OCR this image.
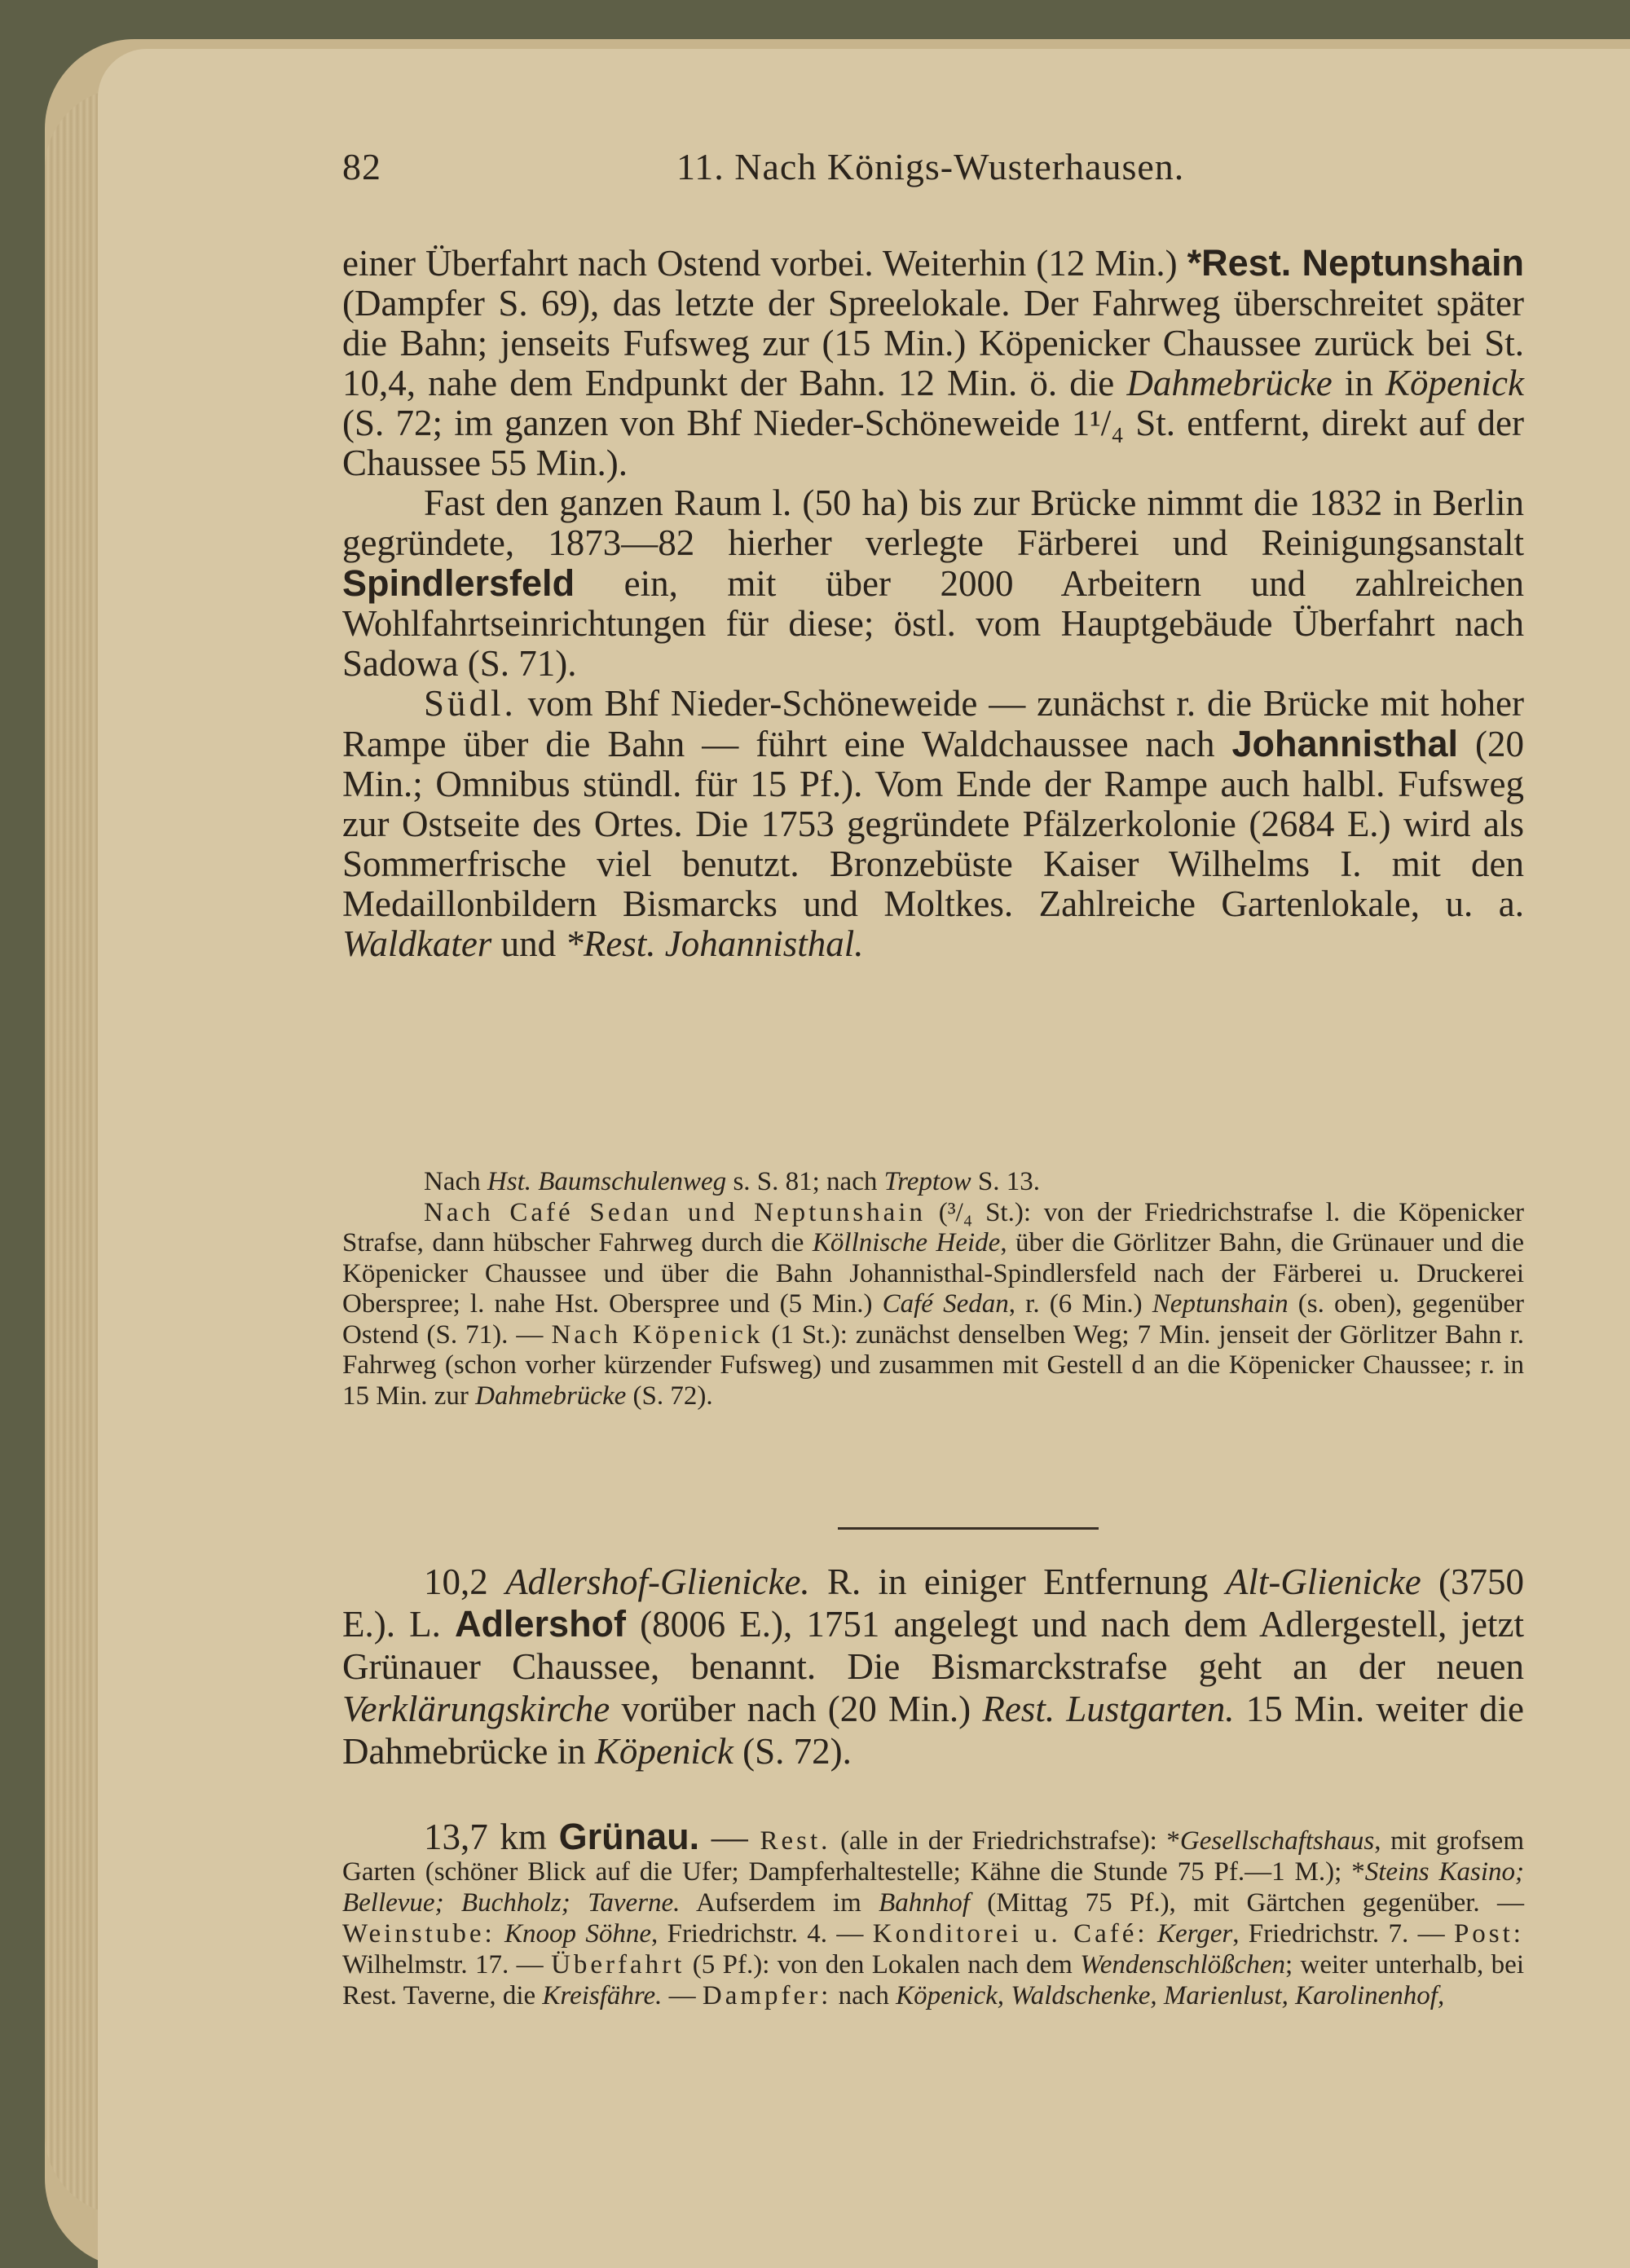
82	11. Nach Königs-Wusterhausen.

einer Überfahrt nach Ostend vorbei. Weiterhin (12 Min.) *Rest. Neptunshain (Dampfer S. 69), das letzte der Spreelokale. Der Fahrweg überschreitet später die Bahn; jenseits Fufsweg zur (15 Min.) Köpenicker Chaussee zurück bei St. 10,4, nahe dem Endpunkt der Bahn. 12 Min. ö. die Dahmebrücke in Köpenick (S. 72; im ganzen von Bhf Nieder-Schöneweide 1¹/₄ St. entfernt, direkt auf der Chaussee 55 Min.).

Fast den ganzen Raum l. (50 ha) bis zur Brücke nimmt die 1832 in Berlin gegründete, 1873—82 hierher verlegte Färberei und Reinigungsanstalt Spindlersfeld ein, mit über 2000 Arbeitern und zahlreichen Wohlfahrtseinrichtungen für diese; östl. vom Hauptgebäude Überfahrt nach Sadowa (S. 71).

Südl. vom Bhf Nieder-Schöneweide — zunächst r. die Brücke mit hoher Rampe über die Bahn — führt eine Waldchaussee nach Johannisthal (20 Min.; Omnibus stündl. für 15 Pf.). Vom Ende der Rampe auch halbl. Fufsweg zur Ostseite des Ortes. Die 1753 gegründete Pfälzerkolonie (2684 E.) wird als Sommerfrische viel benutzt. Bronzebüste Kaiser Wilhelms I. mit den Medaillonbildern Bismarcks und Moltkes. Zahlreiche Gartenlokale, u. a. Waldkater und *Rest. Johannisthal.

Nach Hst. Baumschulenweg s. S. 81; nach Treptow S. 13.

Nach Café Sedan und Neptunshain (³/₄ St.): von der Friedrichstrafse l. die Köpenicker Strafse, dann hübscher Fahrweg durch die Köllnische Heide, über die Görlitzer Bahn, die Grünauer und die Köpenicker Chaussee und über die Bahn Johannisthal-Spindlersfeld nach der Färberei u. Druckerei Oberspree; l. nahe Hst. Oberspree und (5 Min.) Café Sedan, r. (6 Min.) Neptunshain (s. oben), gegenüber Ostend (S. 71). — Nach Köpenick (1 St.): zunächst denselben Weg; 7 Min. jenseit der Görlitzer Bahn r. Fahrweg (schon vorher kürzender Fufsweg) und zusammen mit Gestell d an die Köpenicker Chaussee; r. in 15 Min. zur Dahmebrücke (S. 72).

10,2 Adlershof-Glienicke. R. in einiger Entfernung Alt-Glienicke (3750 E.). L. Adlershof (8006 E.), 1751 angelegt und nach dem Adlergestell, jetzt Grünauer Chaussee, benannt. Die Bismarckstrafse geht an der neuen Verklärungskirche vorüber nach (20 Min.) Rest. Lustgarten. 15 Min. weiter die Dahmebrücke in Köpenick (S. 72).

13,7 km Grünau. — Rest. (alle in der Friedrichstrafse): *Gesellschaftshaus, mit grofsem Garten (schöner Blick auf die Ufer; Dampferhaltestelle; Kähne die Stunde 75 Pf.—1 M.); *Steins Kasino; Bellevue; Buchholz; Taverne. Aufserdem im Bahnhof (Mittag 75 Pf.), mit Gärtchen gegenüber. — Weinstube: Knoop Söhne, Friedrichstr. 4. — Konditorei u. Café: Kerger, Friedrichstr. 7. — Post: Wilhelmstr. 17. — Überfahrt (5 Pf.): von den Lokalen nach dem Wendenschlößchen; weiter unterhalb, bei Rest. Taverne, die Kreisfähre. — Dampfer: nach Köpenick, Waldschenke, Marienlust, Karolinenhof,
